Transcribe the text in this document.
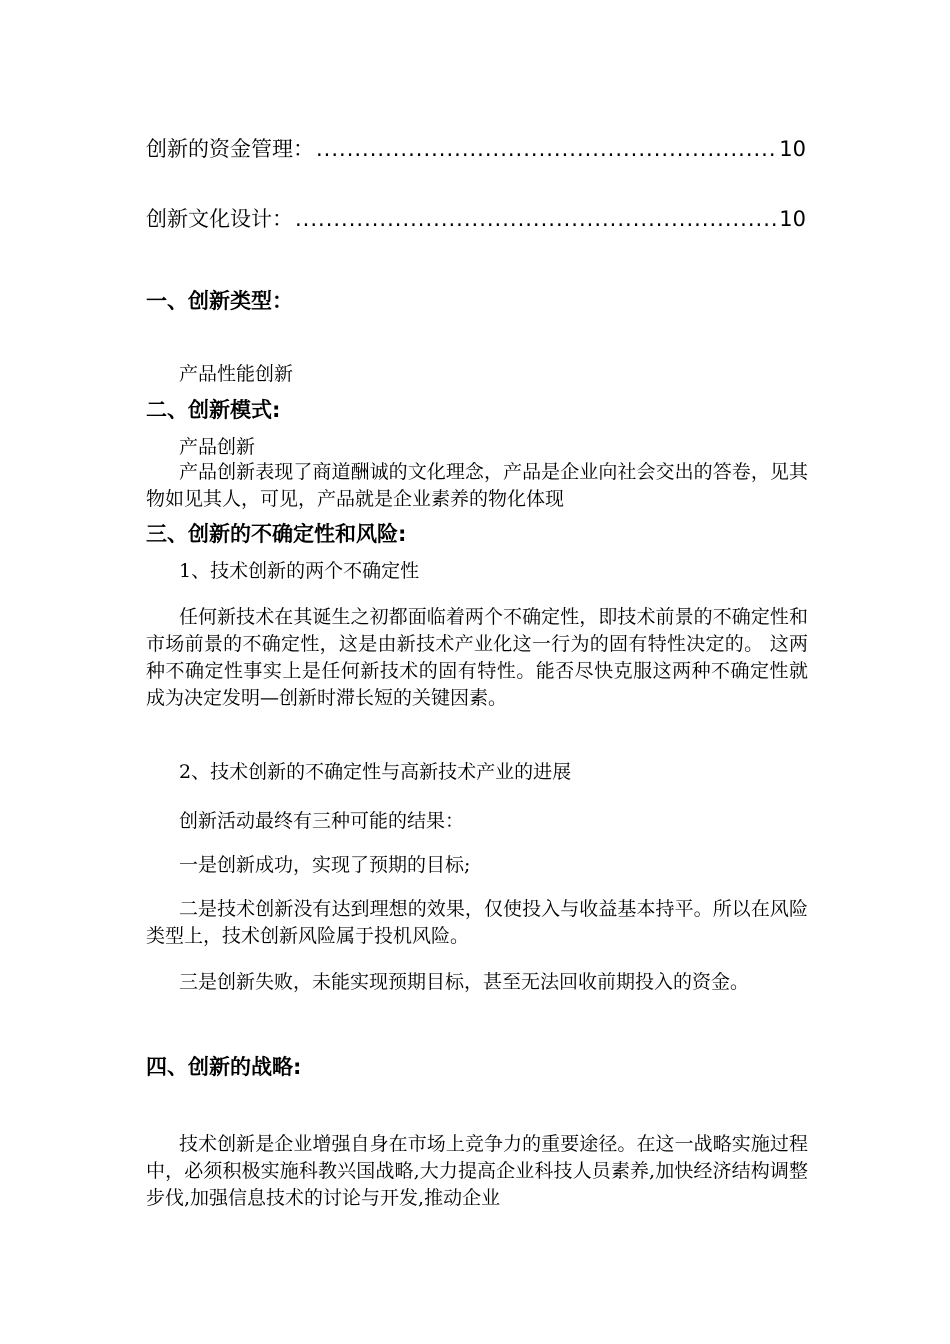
创新的资金管理： .....	10
创新文化设计： .....	10
一、创新类型：
产品性能创新
二、创新模式:
产品创新
产品创新表现了商道酬诚的文化理念，产品是企业向社会交出的答卷，见其物如见其人，可见，产品就是企业素养的物化体现
三、创新的不确定性和风险:
1、技术创新的两个不确定性
任何新技术在其诞生之初都面临着两个不确定性，即技术前景的不确定性和市场前景的不确定性，这是由新技术产业化这一行为的固有特性决定的。 这两种不确定性事实上是任何新技术的固有特性。能否尽快克服这两种不确定性就成为决定发明—创新时滞长短的关键因素。
2、技术创新的不确定性与高新技术产业的进展
创新活动最终有三种可能的结果：
一是创新成功，实现了预期的目标;
二是技术创新没有达到理想的效果，仅使投入与收益基本持平。所以在风险类型上，技术创新风险属于投机风险。
三是创新失败，未能实现预期目标，甚至无法回收前期投入的资金。
四、创新的战略:
技术创新是企业增强自身在市场上竞争力的重要途径。在这一战略实施过程中，必须积极实施科教兴国战略,大力提高企业科技人员素养,加快经济结构调整步伐,加强信息技术的讨论与开发,推动企业
